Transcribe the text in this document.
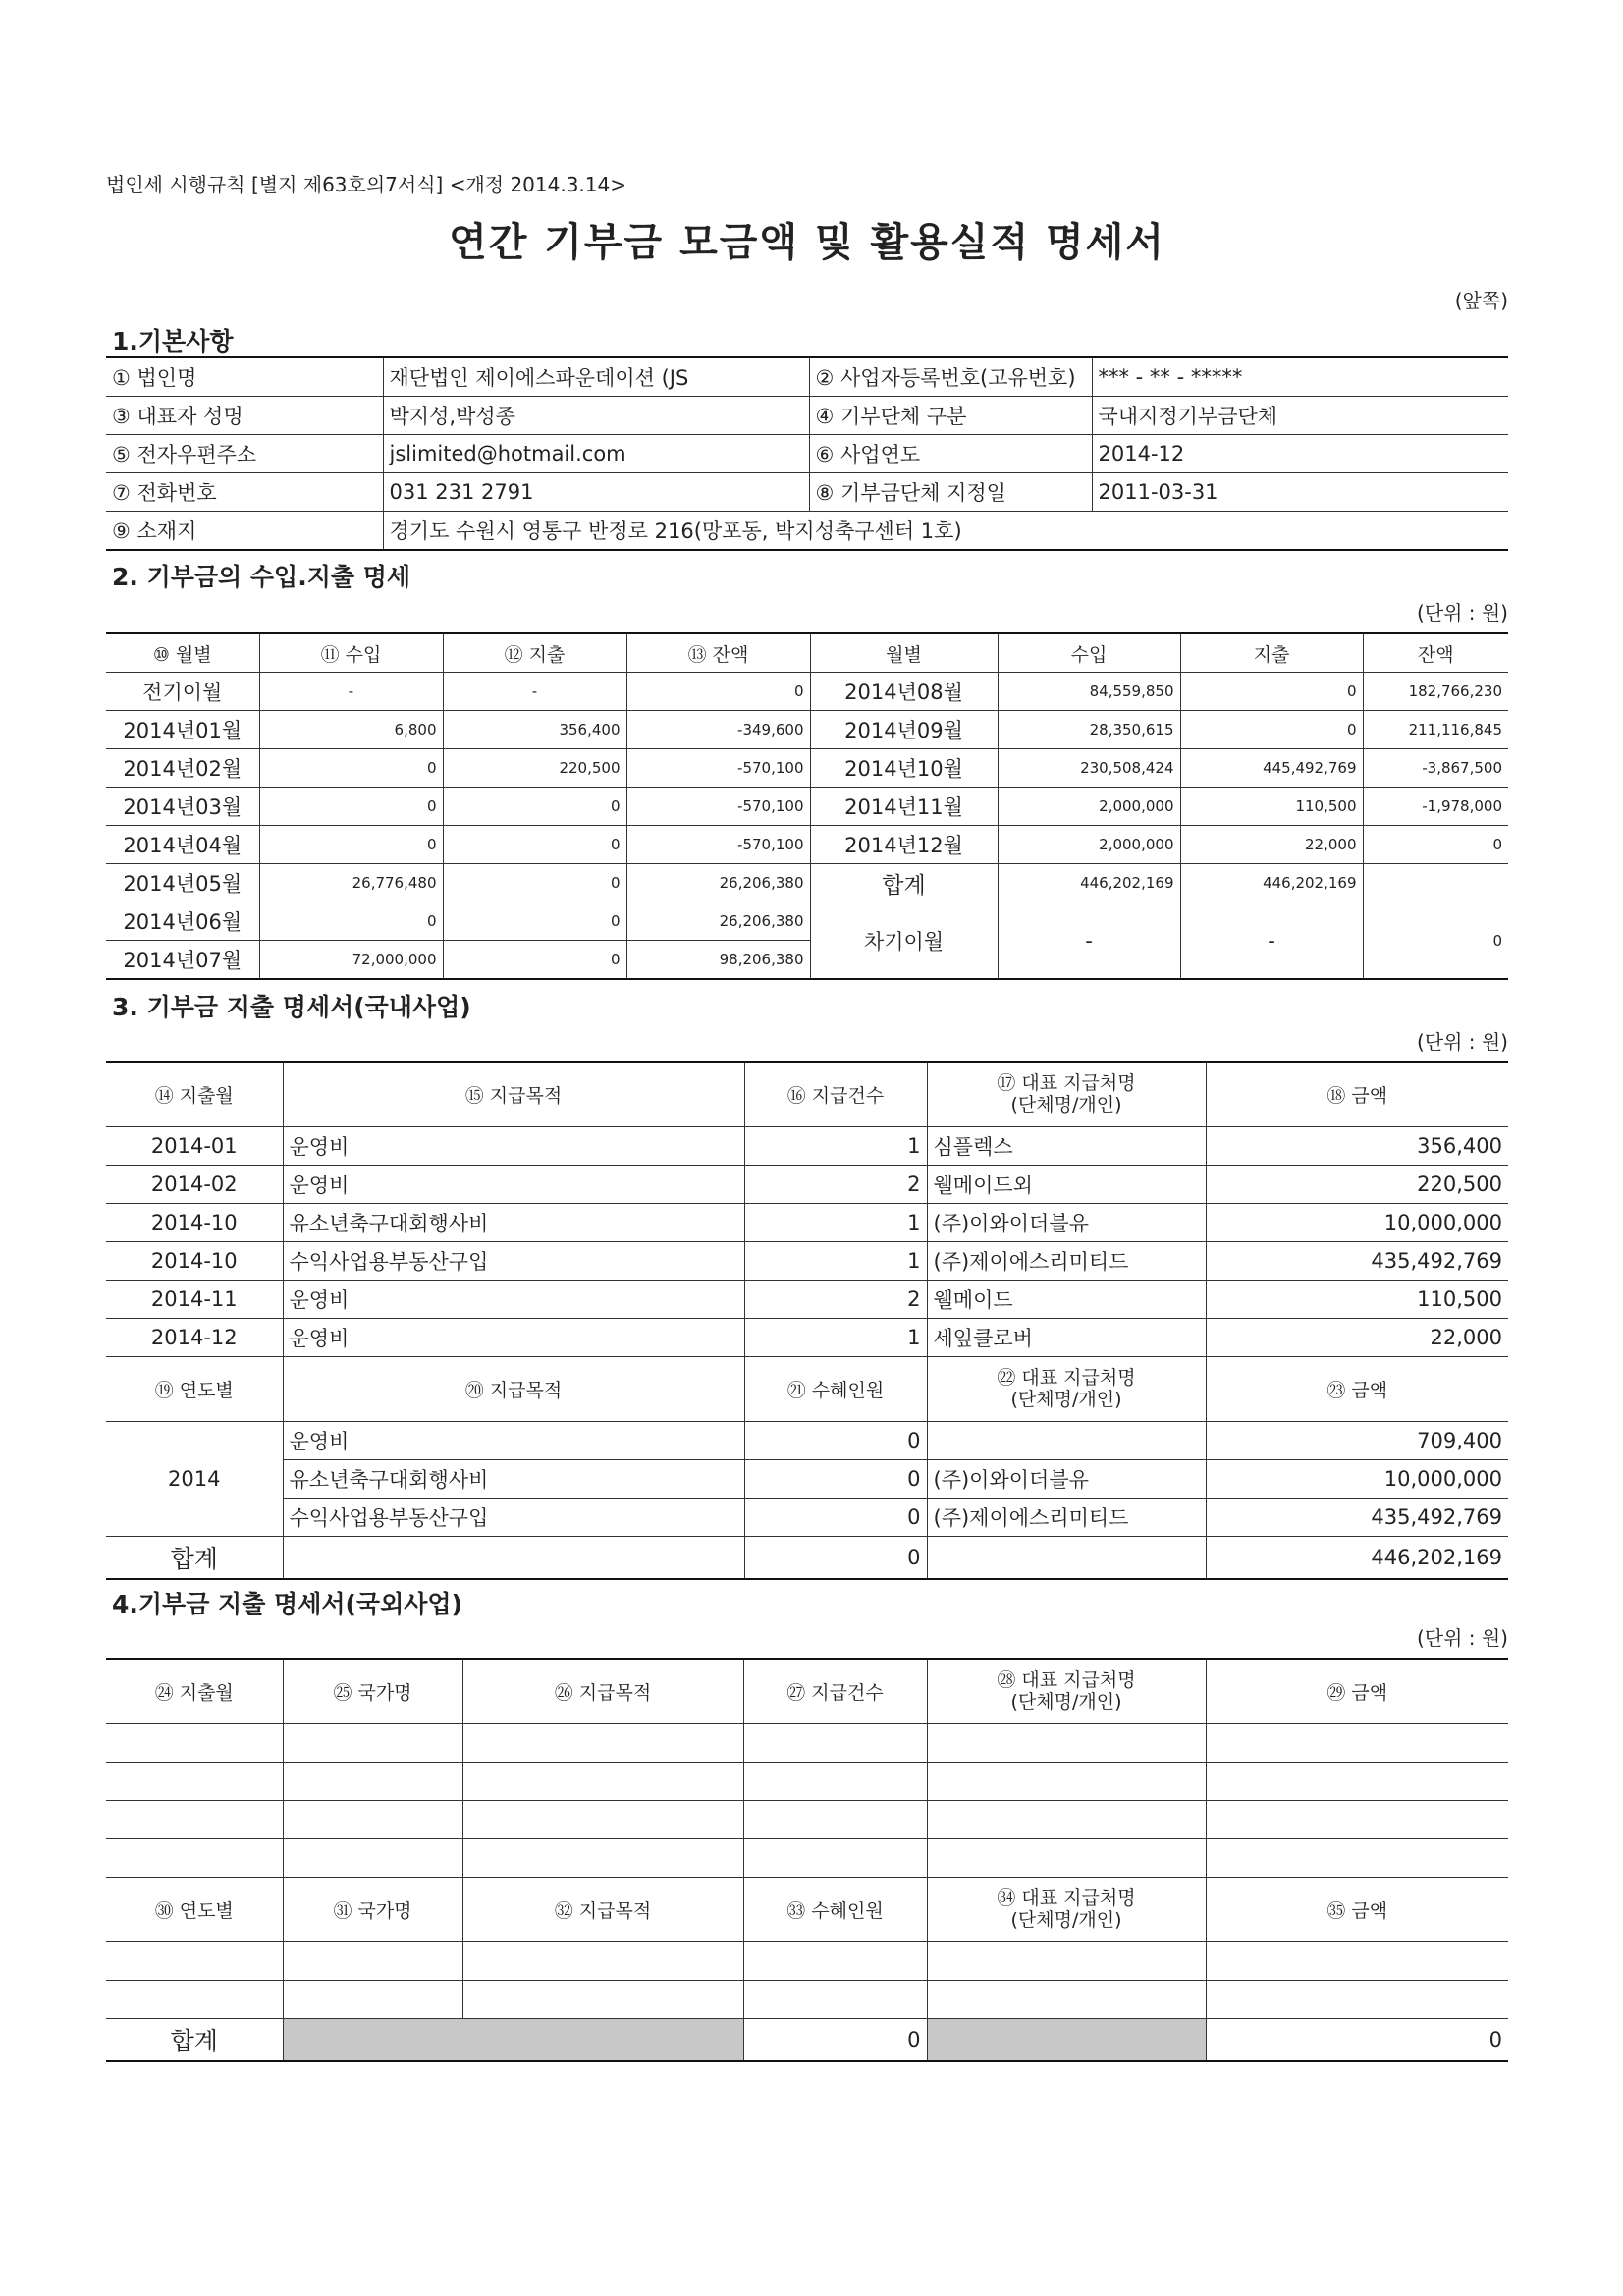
법인세 시행규칙 [별지 제63호의7서식] <개정 2014.3.14>
연간 기부금 모금액 및 활용실적 명세서
(앞쪽)
1.기본사항
① 법인명	재단법인 제이에스파운데이션 (JS	② 사업자등록번호(고유번호)	*** - ** - *****
③ 대표자 성명	박지성,박성종	④ 기부단체 구분	국내지정기부금단체
⑤ 전자우편주소	jslimited@hotmail.com	⑥ 사업연도	2014-12
⑦ 전화번호	031 231 2791	⑧ 기부금단체 지정일	2011-03-31
⑨ 소재지	경기도 수원시 영통구 반정로 216(망포동, 박지성축구센터 1호)		
2. 기부금의 수입.지출 명세
(단위 : 원)
⑩ 월별	⑪ 수입	⑫ 지출	⑬ 잔액	월별	수입	지출	잔액
전기이월	-	-	0	2014년08월	84,559,850	0	182,766,230
2014년01월	6,800	356,400	-349,600	2014년09월	28,350,615	0	211,116,845
2014년02월	0	220,500	-570,100	2014년10월	230,508,424	445,492,769	-3,867,500
2014년03월	0	0	-570,100	2014년11월	2,000,000	110,500	-1,978,000
2014년04월	0	0	-570,100	2014년12월	2,000,000	22,000	0
2014년05월	26,776,480	0	26,206,380	합계	446,202,169	446,202,169	
2014년06월	0	0	26,206,380	차기이월	-	-	0
2014년07월	72,000,000	0	98,206,380				
3. 기부금 지출 명세서(국내사업)
(단위 : 원)
⑭ 지출월	⑮ 지급목적	⑯ 지급건수	⑰ 대표 지급처명
(단체명/개인)	⑱ 금액
2014-01	운영비	1	심플렉스	356,400
2014-02	운영비	2	웰메이드외	220,500
2014-10	유소년축구대회행사비	1	(주)이와이더블유	10,000,000
2014-10	수익사업용부동산구입	1	(주)제이에스리미티드	435,492,769
2014-11	운영비	2	웰메이드	110,500
2014-12	운영비	1	세잎클로버	22,000
⑲ 연도별	⑳ 지급목적	㉑ 수혜인원	㉒ 대표 지급처명
(단체명/개인)	㉓ 금액
2014	운영비	0		709,400
	유소년축구대회행사비	0	(주)이와이더블유	10,000,000
	수익사업용부동산구입	0	(주)제이에스리미티드	435,492,769
합계		0		446,202,169
4.기부금 지출 명세서(국외사업)
(단위 : 원)
㉔ 지출월	㉕ 국가명	㉖ 지급목적	㉗ 지급건수	㉘ 대표 지급처명
(단체명/개인)	㉙ 금액

㉚ 연도별	㉛ 국가명	㉜ 지급목적	㉝ 수혜인원	㉞ 대표 지급처명
(단체명/개인)	㉟ 금액

합계			0		0
